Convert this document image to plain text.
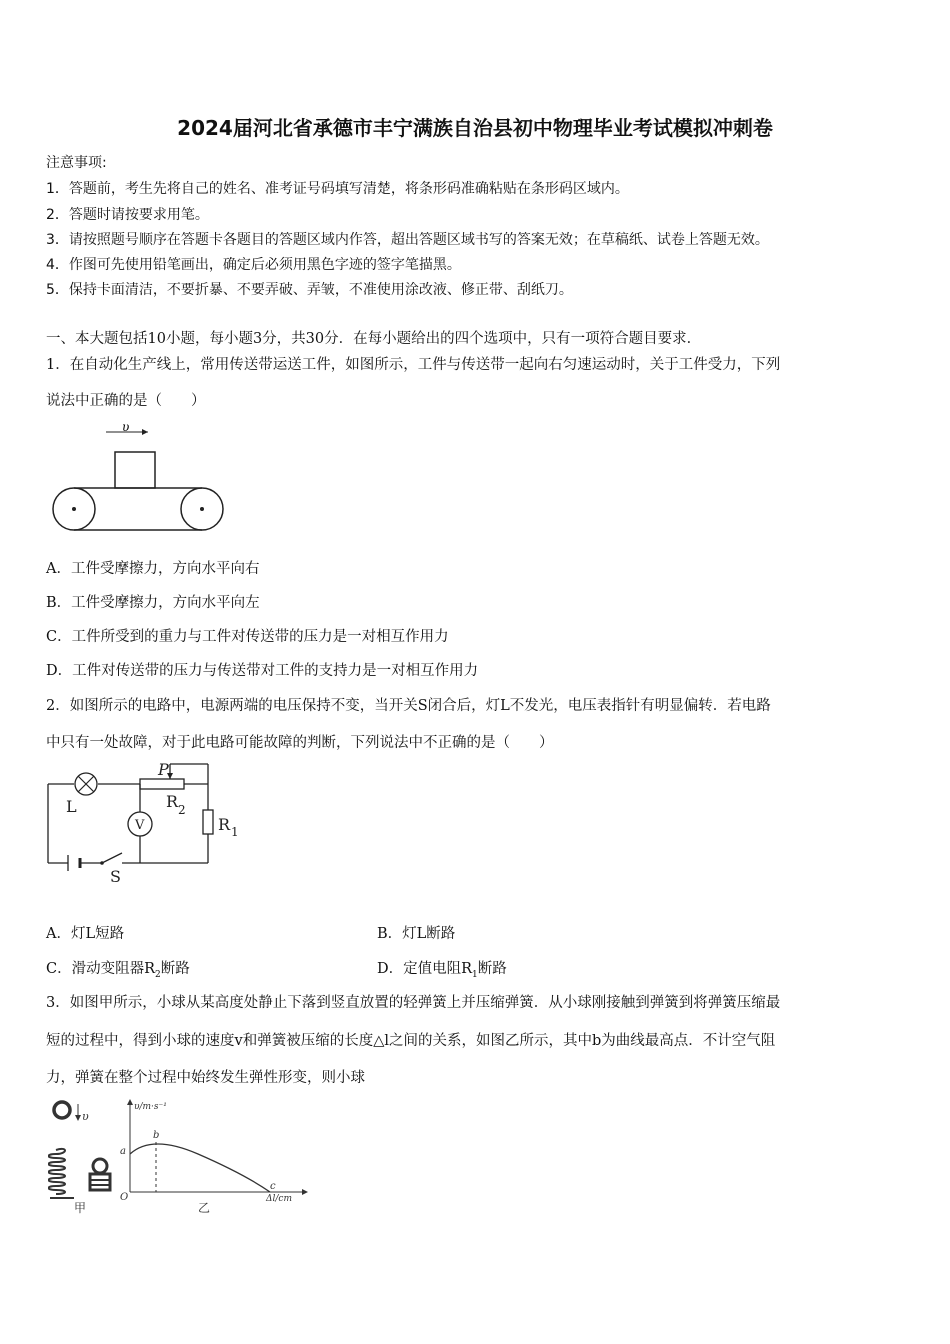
2024届河北省承德市丰宁满族自治县初中物理毕业考试模拟冲刺卷
注意事项:
1．答题前，考生先将自己的姓名、准考证号码填写清楚，将条形码准确粘贴在条形码区域内。
2．答题时请按要求用笔。
3．请按照题号顺序在答题卡各题目的答题区域内作答，超出答题区域书写的答案无效；在草稿纸、试卷上答题无效。
4．作图可先使用铅笔画出，确定后必须用黑色字迹的签字笔描黑。
5．保持卡面清洁，不要折暴、不要弄破、弄皱，不准使用涂改液、修正带、刮纸刀。
一、本大题包括10小题，每小题3分，共30分．在每小题给出的四个选项中，只有一项符合题目要求．
1．在自动化生产线上，常用传送带运送工件，如图所示，工件与传送带一起向右匀速运动时，关于工件受力，下列
说法中正确的是（　　）
υ
A．工件受摩擦力，方向水平向右
B．工件受摩擦力，方向水平向左
C．工件所受到的重力与工件对传送带的压力是一对相互作用力
D．工件对传送带的压力与传送带对工件的支持力是一对相互作用力
2．如图所示的电路中，电源两端的电压保持不变，当开关S闭合后，灯L不发光，电压表指针有明显偏转．若电路
中只有一处故障，对于此电路可能故障的判断，下列说法中不正确的是（　　）
V
L
P
R 2
R 1
S
A．灯L短路	B．灯L断路
C．滑动变阻器$R_2$断路	D．定值电阻$R_1$断路
3．如图甲所示，小球从某高度处静止下落到竖直放置的轻弹簧上并压缩弹簧．从小球刚接触到弹簧到将弹簧压缩最
短的过程中，得到小球的速度v和弹簧被压缩的长度△l之间的关系，如图乙所示，其中b为曲线最高点．不计空气阻
力，弹簧在整个过程中始终发生弹性形变，则小球
υ
甲
υ/m·s⁻¹
Δl/cm
a
b
c
O
乙
